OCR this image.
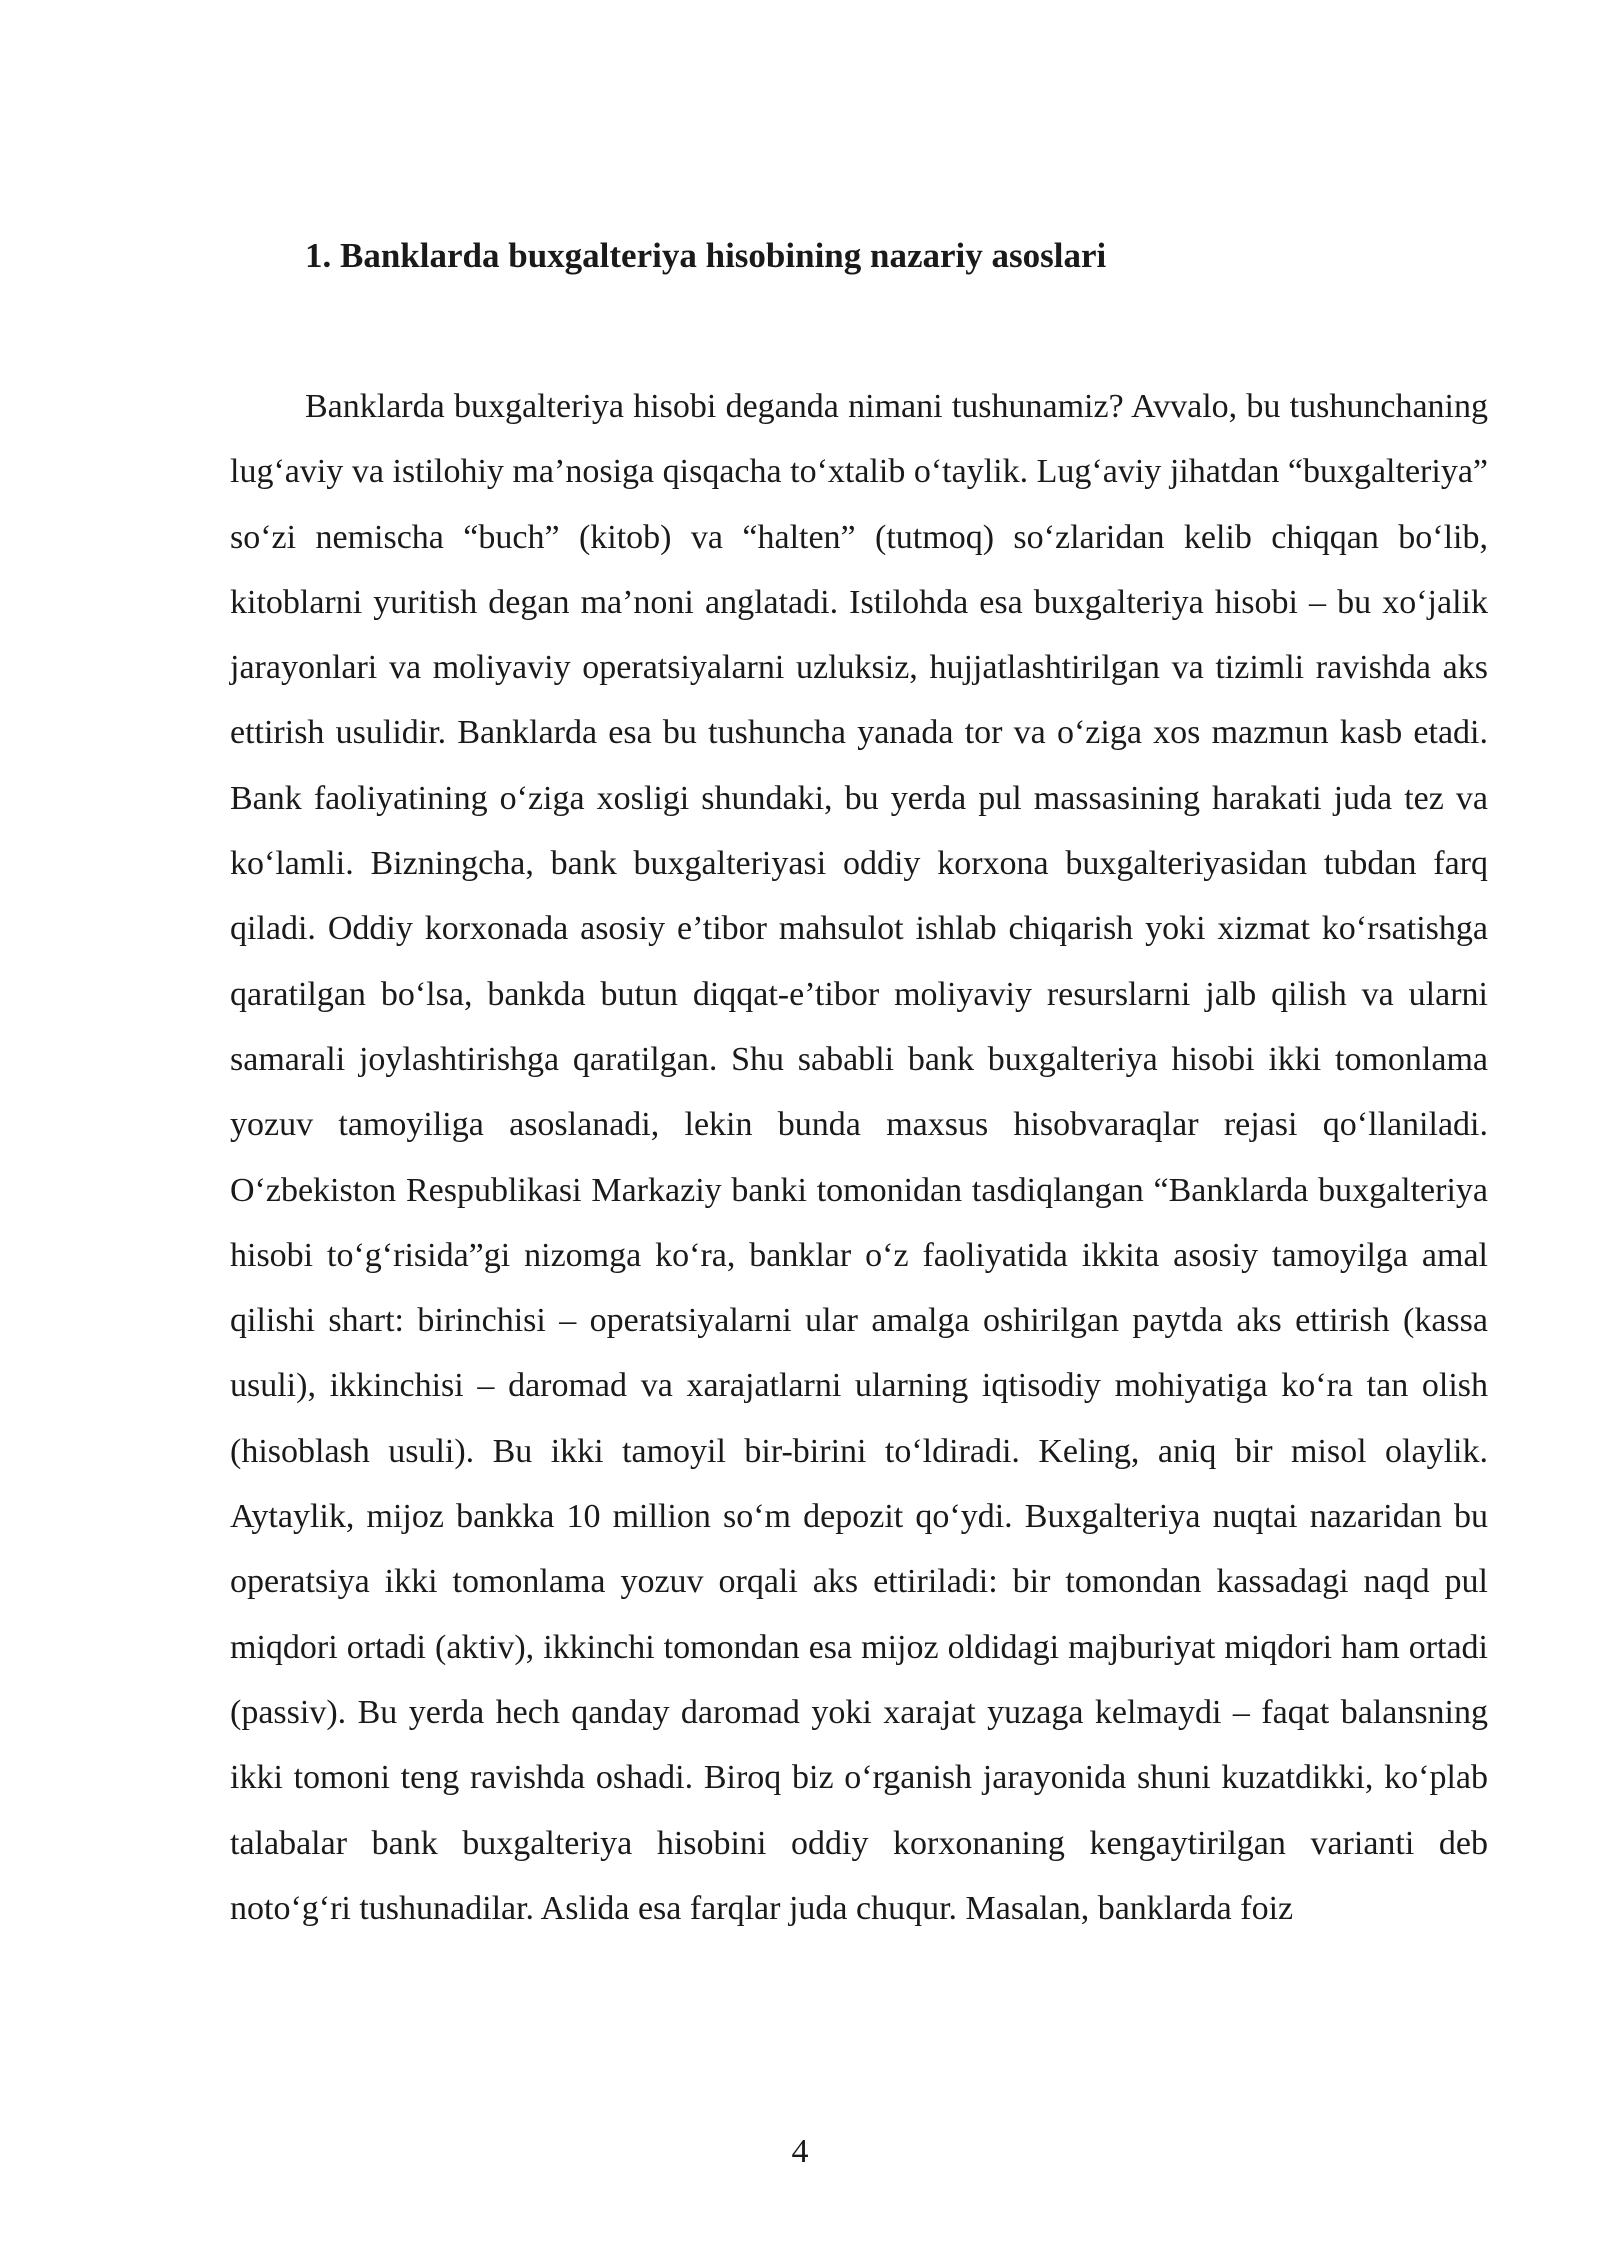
1. Banklarda buxgalteriya hisobining nazariy asoslari

Banklarda buxgalteriya hisobi deganda nimani tushunamiz? Avvalo, bu tushunchaning lug‘aviy va istilohiy ma’nosiga qisqacha to‘xtalib o‘taylik. Lug‘aviy jihatdan “buxgalteriya” so‘zi nemischa “buch” (kitob) va “halten” (tutmoq) so‘zlaridan kelib chiqqan bo‘lib, kitoblarni yuritish degan ma’noni anglatadi. Istilohda esa buxgalteriya hisobi – bu xo‘jalik jarayonlari va moliyaviy operatsiyalarni uzluksiz, hujjatlashtirilgan va tizimli ravishda aks ettirish usulidir. Banklarda esa bu tushuncha yanada tor va o‘ziga xos mazmun kasb etadi. Bank faoliyatining o‘ziga xosligi shundaki, bu yerda pul massasining harakati juda tez va ko‘lamli. Bizningcha, bank buxgalteriyasi oddiy korxona buxgalteriyasidan tubdan farq qiladi. Oddiy korxonada asosiy e’tibor mahsulot ishlab chiqarish yoki xizmat ko‘rsatishga qaratilgan bo‘lsa, bankda butun diqqat-e’tibor moliyaviy resurslarni jalb qilish va ularni samarali joylashtirishga qaratilgan. Shu sababli bank buxgalteriya hisobi ikki tomonlama yozuv tamoyiliga asoslanadi, lekin bunda maxsus hisobvaraqlar rejasi qo‘llaniladi. O‘zbekiston Respublikasi Markaziy banki tomonidan tasdiqlangan “Banklarda buxgalteriya hisobi to‘g‘risida”gi nizomga ko‘ra, banklar o‘z faoliyatida ikkita asosiy tamoyilga amal qilishi shart: birinchisi – operatsiyalarni ular amalga oshirilgan paytda aks ettirish (kassa usuli), ikkinchisi – daromad va xarajatlarni ularning iqtisodiy mohiyatiga ko‘ra tan olish (hisoblash usuli). Bu ikki tamoyil bir-birini to‘ldiradi. Keling, aniq bir misol olaylik. Aytaylik, mijoz bankka 10 million so‘m depozit qo‘ydi. Buxgalteriya nuqtai nazaridan bu operatsiya ikki tomonlama yozuv orqali aks ettiriladi: bir tomondan kassadagi naqd pul miqdori ortadi (aktiv), ikkinchi tomondan esa mijoz oldidagi majburiyat miqdori ham ortadi (passiv). Bu yerda hech qanday daromad yoki xarajat yuzaga kelmaydi – faqat balansning ikki tomoni teng ravishda oshadi. Biroq biz o‘rganish jarayonida shuni kuzatdikki, ko‘plab talabalar bank buxgalteriya hisobini oddiy korxonaning kengaytirilgan varianti deb noto‘g‘ri tushunadilar. Aslida esa farqlar juda chuqur. Masalan, banklarda foiz

4
